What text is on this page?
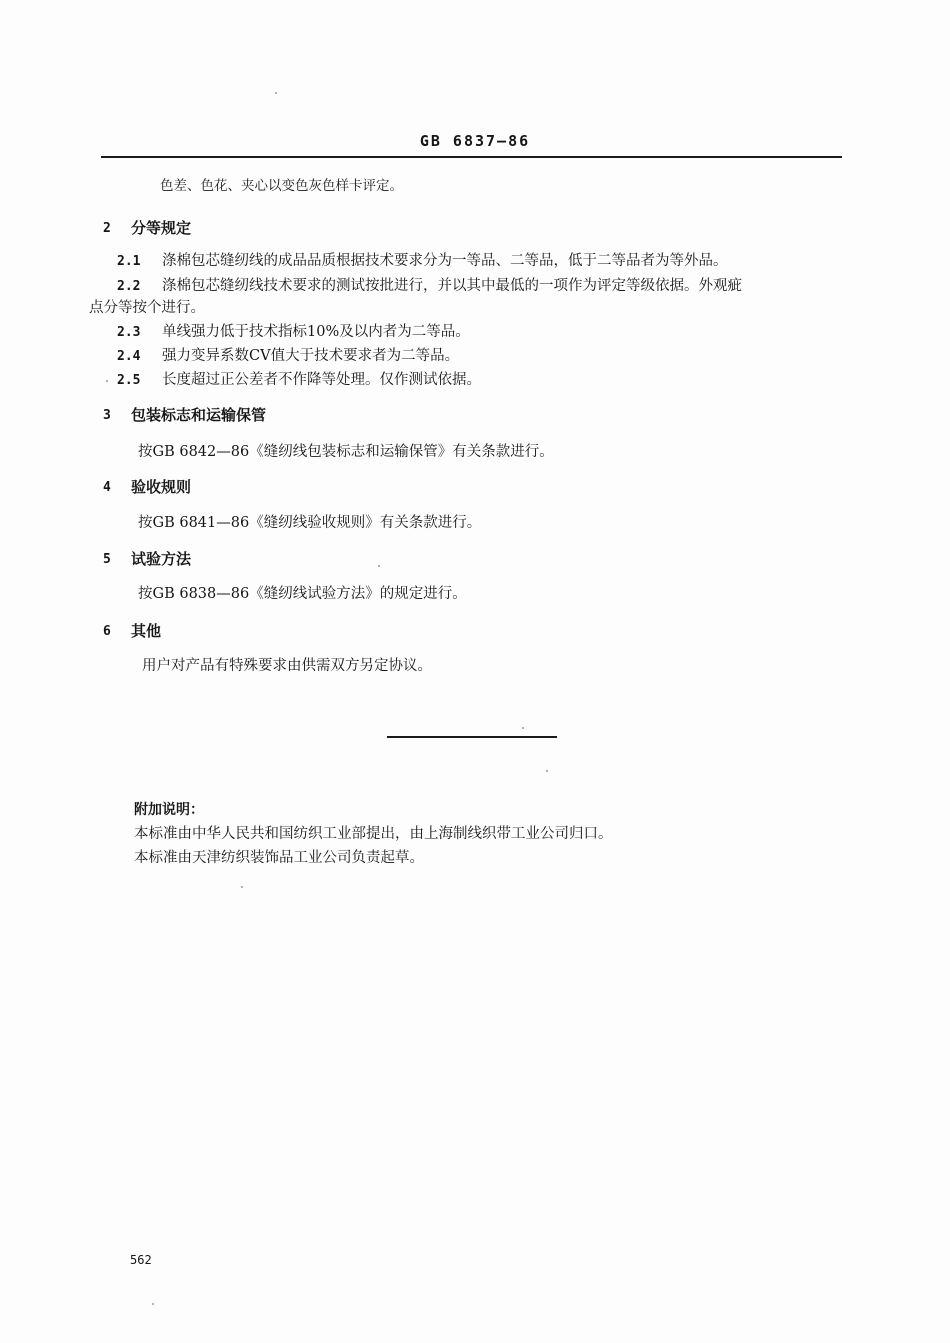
GB 6837—86
色差、色花、夹心以变色灰色样卡评定。
2 分等规定
2.1 涤棉包芯缝纫线的成品品质根据技术要求分为一等品、二等品，低于二等品者为等外品。
2.2 涤棉包芯缝纫线技术要求的测试按批进行，并以其中最低的一项作为评定等级依据。外观疵
点分等按个进行。
2.3 单线强力低于技术指标10%及以内者为二等品。
2.4 强力变异系数CV值大于技术要求者为二等品。
2.5 长度超过正公差者不作降等处理。仅作测试依据。
3 包装标志和运输保管
按GB 6842—86《缝纫线包装标志和运输保管》有关条款进行。
4 验收规则
按GB 6841—86《缝纫线验收规则》有关条款进行。
5 试验方法
按GB 6838—86《缝纫线试验方法》的规定进行。
6 其他
用户对产品有特殊要求由供需双方另定协议。
附加说明：
本标准由中华人民共和国纺织工业部提出，由上海制线织带工业公司归口。
本标准由天津纺织装饰品工业公司负责起草。
562
